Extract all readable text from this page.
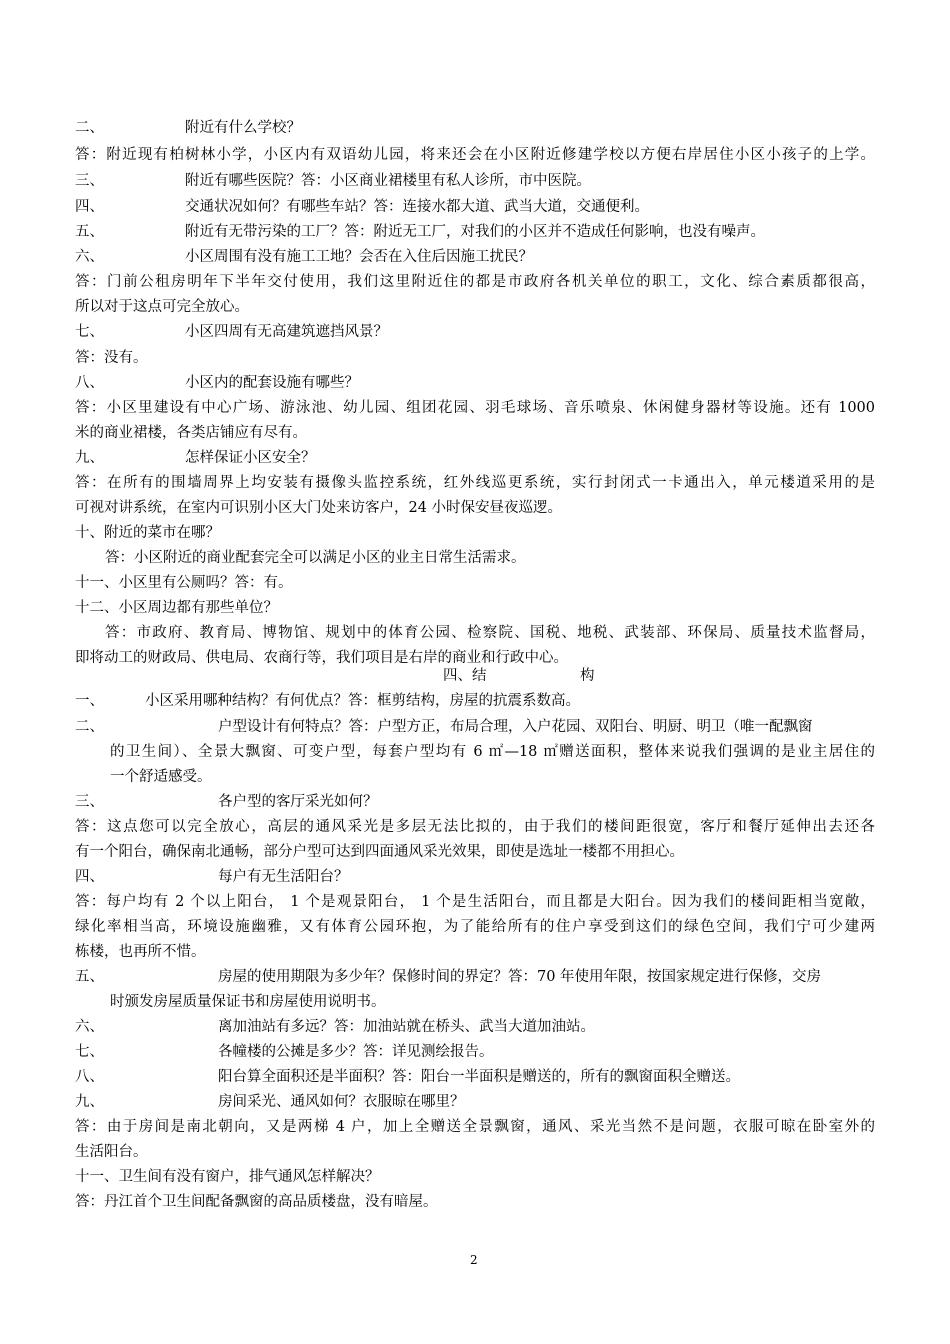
二、	附近有什么学校？
答：附近现有柏树林小学，小区内有双语幼儿园，将来还会在小区附近修建学校以方便右岸居住小区小孩子的上学。
三、	附近有哪些医院？答：小区商业裙楼里有私人诊所，市中医院。
四、	交通状况如何？有哪些车站？答：连接水都大道、武当大道，交通便利。
五、	附近有无带污染的工厂？答：附近无工厂，对我们的小区并不造成任何影响，也没有噪声。
六、	小区周围有没有施工工地？会否在入住后因施工扰民？
答：门前公租房明年下半年交付使用，我们这里附近住的都是市政府各机关单位的职工，文化、综合素质都很高，
所以对于这点可完全放心。
七、	小区四周有无高建筑遮挡风景？
答：没有。
八、	小区内的配套设施有哪些？
答：小区里建设有中心广场、游泳池、幼儿园、组团花园、羽毛球场、音乐喷泉、休闲健身器材等设施。还有 1000
米的商业裙楼，各类店铺应有尽有。
九、	怎样保证小区安全？
答：在所有的围墙周界上均安装有摄像头监控系统，红外线巡更系统，实行封闭式一卡通出入，单元楼道采用的是
可视对讲系统，在室内可识别小区大门处来访客户，24 小时保安昼夜巡逻。
十、附近的菜市在哪？
答：小区附近的商业配套完全可以满足小区的业主日常生活需求。
十一、小区里有公厕吗？答：有。
十二、小区周边都有那些单位？
答：市政府、教育局、博物馆、规划中的体育公园、检察院、国税、地税、武装部、环保局、质量技术监督局，
即将动工的财政局、供电局、农商行等，我们项目是右岸的商业和行政中心。
四、结	构
一、	小区采用哪种结构？有何优点？答：框剪结构，房屋的抗震系数高。
二、	户型设计有何特点？答：户型方正，布局合理，入户花园、双阳台、明厨、明卫（唯一配飘窗
的卫生间）、全景大飘窗、可变户型，每套户型均有 6 ㎡—18 ㎡赠送面积，整体来说我们强调的是业主居住的
一个舒适感受。
三、	各户型的客厅采光如何？
答：这点您可以完全放心，高层的通风采光是多层无法比拟的，由于我们的楼间距很宽，客厅和餐厅延伸出去还各
有一个阳台，确保南北通畅，部分户型可达到四面通风采光效果，即使是选址一楼都不用担心。
四、	每户有无生活阳台？
答：每户均有 2 个以上阳台， 1 个是观景阳台， 1 个是生活阳台，而且都是大阳台。因为我们的楼间距相当宽敞，
绿化率相当高，环境设施幽雅，又有体育公园环抱，为了能给所有的住户享受到这们的绿色空间，我们宁可少建两
栋楼，也再所不惜。
五、	房屋的使用期限为多少年？保修时间的界定？答：70 年使用年限，按国家规定进行保修，交房
时颁发房屋质量保证书和房屋使用说明书。
六、	离加油站有多远？答：加油站就在桥头、武当大道加油站。
七、	各幢楼的公摊是多少？答：详见测绘报告。
八、	阳台算全面积还是半面积？答：阳台一半面积是赠送的，所有的飘窗面积全赠送。
九、	房间采光、通风如何？衣服晾在哪里？
答：由于房间是南北朝向，又是两梯 4 户，加上全赠送全景飘窗，通风、采光当然不是问题，衣服可晾在卧室外的
生活阳台。
十一、卫生间有没有窗户，排气通风怎样解决？
答：丹江首个卫生间配备飘窗的高品质楼盘，没有暗屋。
2
